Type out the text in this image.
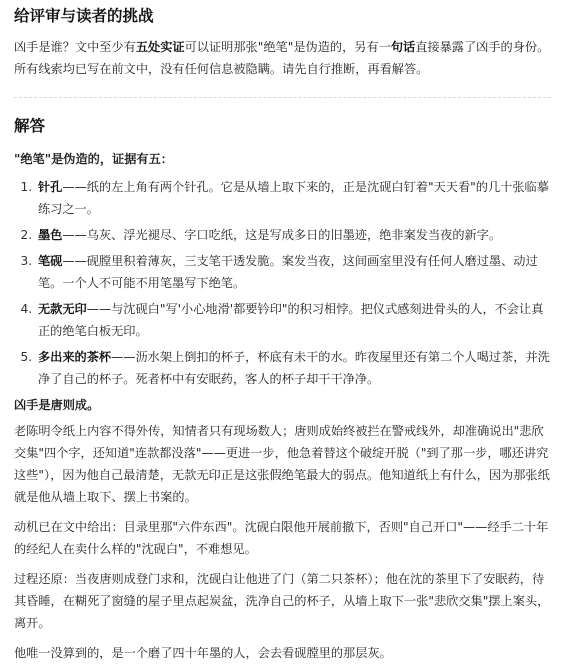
给评审与读者的挑战

凶手是谁？文中至少有五处实证可以证明那张"绝笔"是伪造的，另有一句话直接暴露了凶手的身份。所有线索均已写在前文中，没有任何信息被隐瞒。请先自行推断，再看解答。

解答

"绝笔"是伪造的，证据有五：

1. 针孔——纸的左上角有两个针孔。它是从墙上取下来的，正是沈砚白钉着"天天看"的几十张临摹练习之一。
2. 墨色——乌灰、浮光褪尽、字口吃纸，这是写成多日的旧墨迹，绝非案发当夜的新字。
3. 笔砚——砚膛里积着薄灰，三支笔干透发脆。案发当夜，这间画室里没有任何人磨过墨、动过笔。一个人不可能不用笔墨写下绝笔。
4. 无款无印——与沈砚白"写'小心地滑'都要钤印"的积习相悖。把仪式感刻进骨头的人，不会让真正的绝笔白板无印。
5. 多出来的茶杯——沥水架上倒扣的杯子，杯底有未干的水。昨夜屋里还有第二个人喝过茶，并洗净了自己的杯子。死者杯中有安眠药，客人的杯子却干干净净。

凶手是唐则成。

老陈明令纸上内容不得外传，知情者只有现场数人；唐则成始终被拦在警戒线外，却准确说出"悲欣交集"四个字，还知道"连款都没落"——更进一步，他急着替这个破绽开脱（"到了那一步，哪还讲究这些"），因为他自己最清楚，无款无印正是这张假绝笔最大的弱点。他知道纸上有什么，因为那张纸就是他从墙上取下、摆上书案的。

动机已在文中给出：目录里那"六件东西"。沈砚白限他开展前撤下，否则"自己开口"——经手二十年的经纪人在卖什么样的"沈砚白"，不难想见。

过程还原：当夜唐则成登门求和，沈砚白让他进了门（第二只茶杯）；他在沈的茶里下了安眠药，待其昏睡，在糊死了窗缝的屋子里点起炭盆，洗净自己的杯子，从墙上取下一张"悲欣交集"摆上案头，离开。

他唯一没算到的，是一个磨了四十年墨的人，会去看砚膛里的那层灰。
